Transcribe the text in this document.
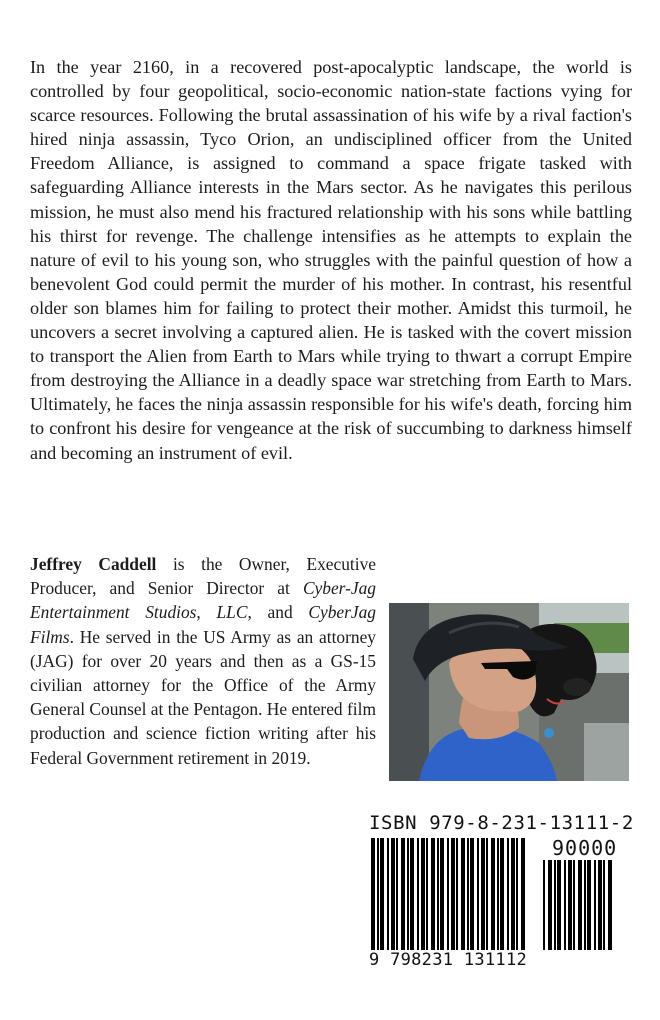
In the year 2160, in a recovered post-apocalyptic landscape, the world is controlled by four geopolitical, socio-economic nation-state factions vying for scarce resources. Following the brutal assassination of his wife by a rival faction's hired ninja assassin, Tyco Orion, an undisciplined officer from the United Freedom Alliance, is assigned to command a space frigate tasked with safeguarding Alliance interests in the Mars sector. As he navigates this perilous mission, he must also mend his fractured relationship with his sons while battling his thirst for revenge. The challenge intensifies as he attempts to explain the nature of evil to his young son, who struggles with the painful question of how a benevolent God could permit the murder of his mother. In contrast, his resentful older son blames him for failing to protect their mother. Amidst this turmoil, he uncovers a secret involving a captured alien. He is tasked with the covert mission to transport the Alien from Earth to Mars while trying to thwart a corrupt Empire from destroying the Alliance in a deadly space war stretching from Earth to Mars. Ultimately, he faces the ninja assassin responsible for his wife's death, forcing him to confront his desire for vengeance at the risk of succumbing to darkness himself and becoming an instrument of evil.

Jeffrey Caddell is the Owner, Executive Producer, and Senior Director at Cyber-Jag Entertainment Studios, LLC, and CyberJag Films. He served in the US Army as an attorney (JAG) for over 20 years and then as a GS-15 civilian attorney for the Office of the Army General Counsel at the Pentagon. He entered film production and science fiction writing after his Federal Government retirement in 2019.

ISBN 979-8-231-13111-2

90000

9 798231 131112
